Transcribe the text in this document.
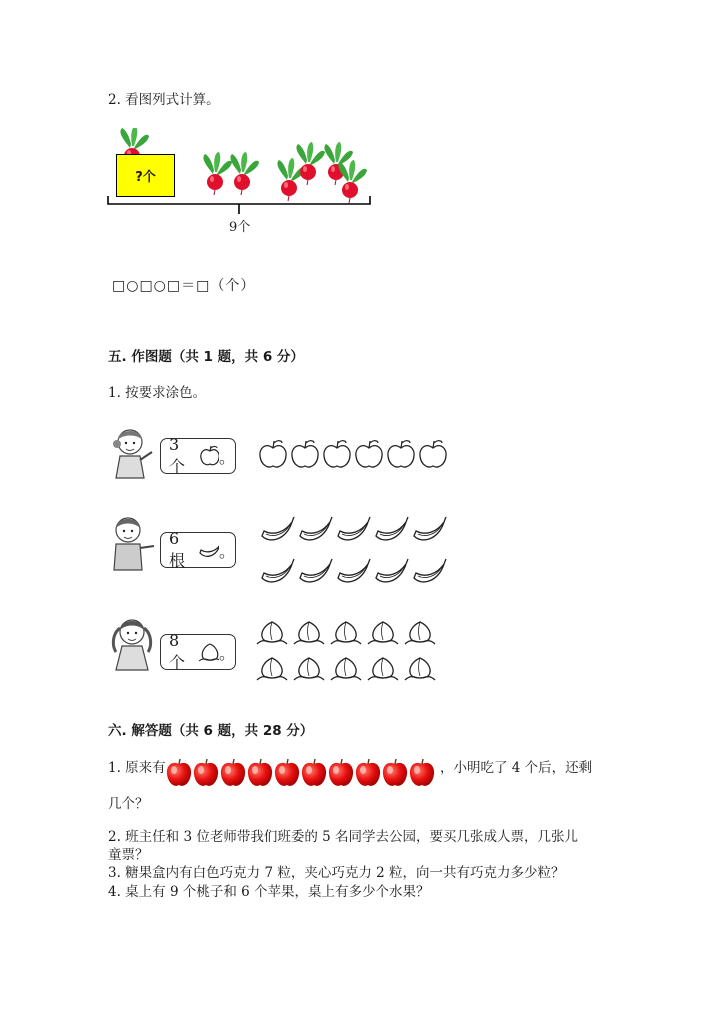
2. 看图列式计算。
?个
9个
□○□○□＝□（个）
五. 作图题（共 1 题，共 6 分）
1. 按要求涂色。
3 个	。
6 根	。
8 个	。
六. 解答题（共 6 题，共 28 分）
1. 原来有	，小明吃了 4 个后，还剩
几个？
2. 班主任和 3 位老师带我们班委的 5 名同学去公园，要买几张成人票，几张儿
童票？
3. 糖果盒内有白色巧克力 7 粒，夹心巧克力 2 粒，向一共有巧克力多少粒？
4. 桌上有 9 个桃子和 6 个苹果，桌上有多少个水果？
